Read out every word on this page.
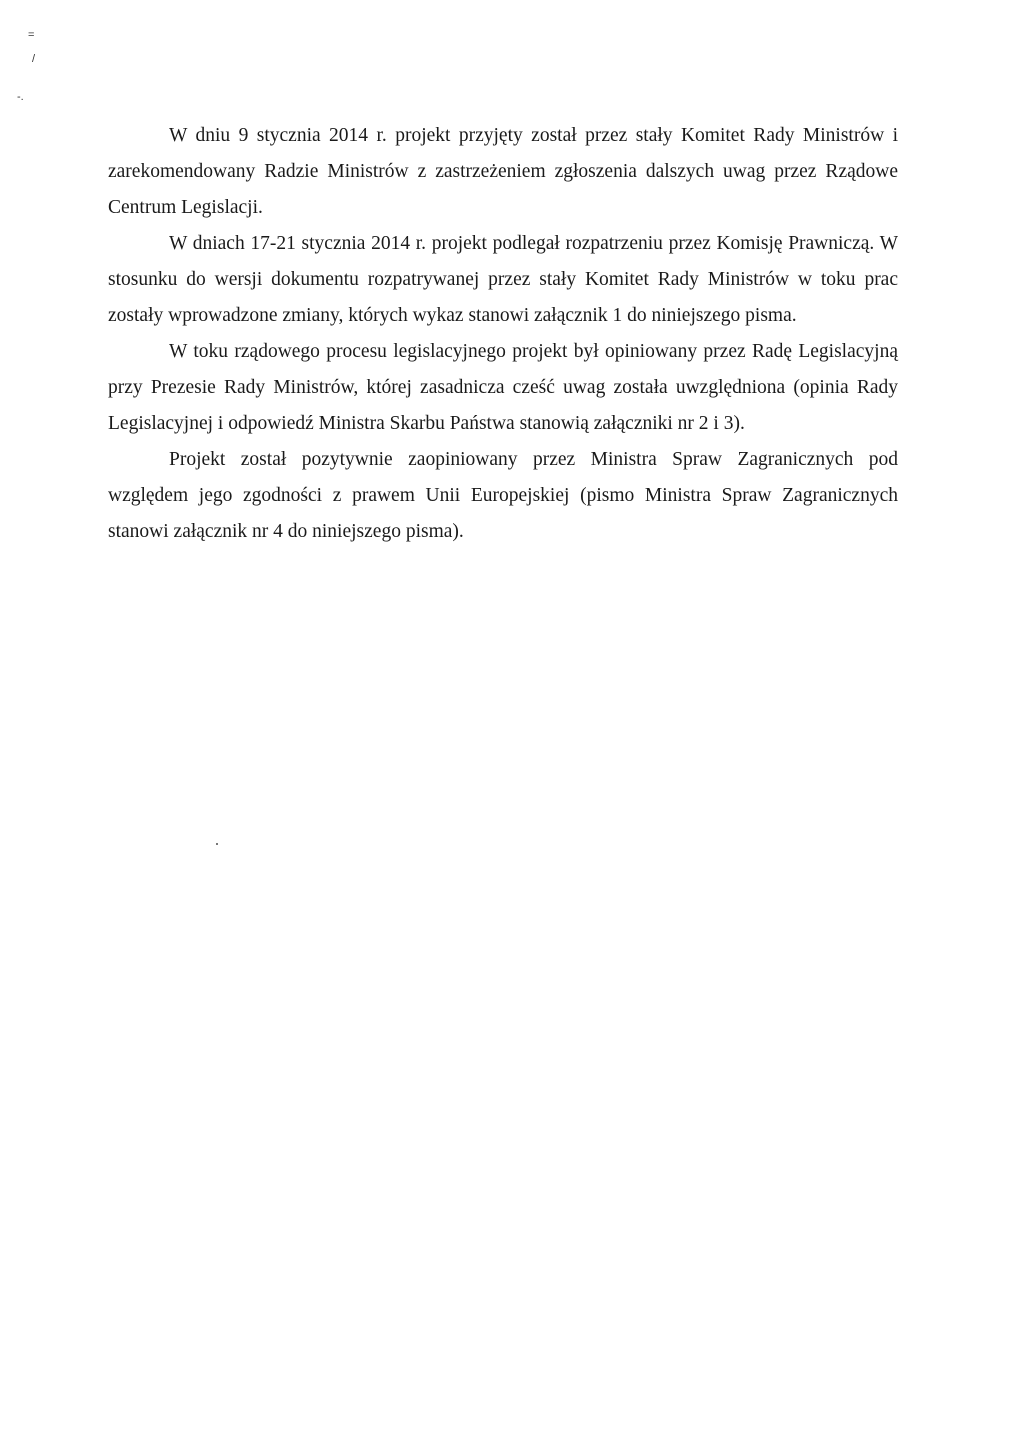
=
/
-.

W dniu 9 stycznia 2014 r. projekt przyjęty został przez stały Komitet Rady Ministrów i zarekomendowany Radzie Ministrów z zastrzeżeniem zgłoszenia dalszych uwag przez Rządowe Centrum Legislacji.

W dniach 17-21 stycznia 2014 r. projekt podlegał rozpatrzeniu przez Komisję Prawniczą. W stosunku do wersji dokumentu rozpatrywanej przez stały Komitet Rady Ministrów w toku prac zostały wprowadzone zmiany, których wykaz stanowi załącznik 1 do niniejszego pisma.

W toku rządowego procesu legislacyjnego projekt był opiniowany przez Radę Legislacyjną przy Prezesie Rady Ministrów, której zasadnicza cześć uwag została uwzględniona (opinia Rady Legislacyjnej i odpowiedź Ministra Skarbu Państwa stanowią załączniki nr 2 i 3).

Projekt został pozytywnie zaopiniowany przez Ministra Spraw Zagranicznych pod względem jego zgodności z prawem Unii Europejskiej (pismo Ministra Spraw Zagranicznych stanowi załącznik nr 4 do niniejszego pisma).
